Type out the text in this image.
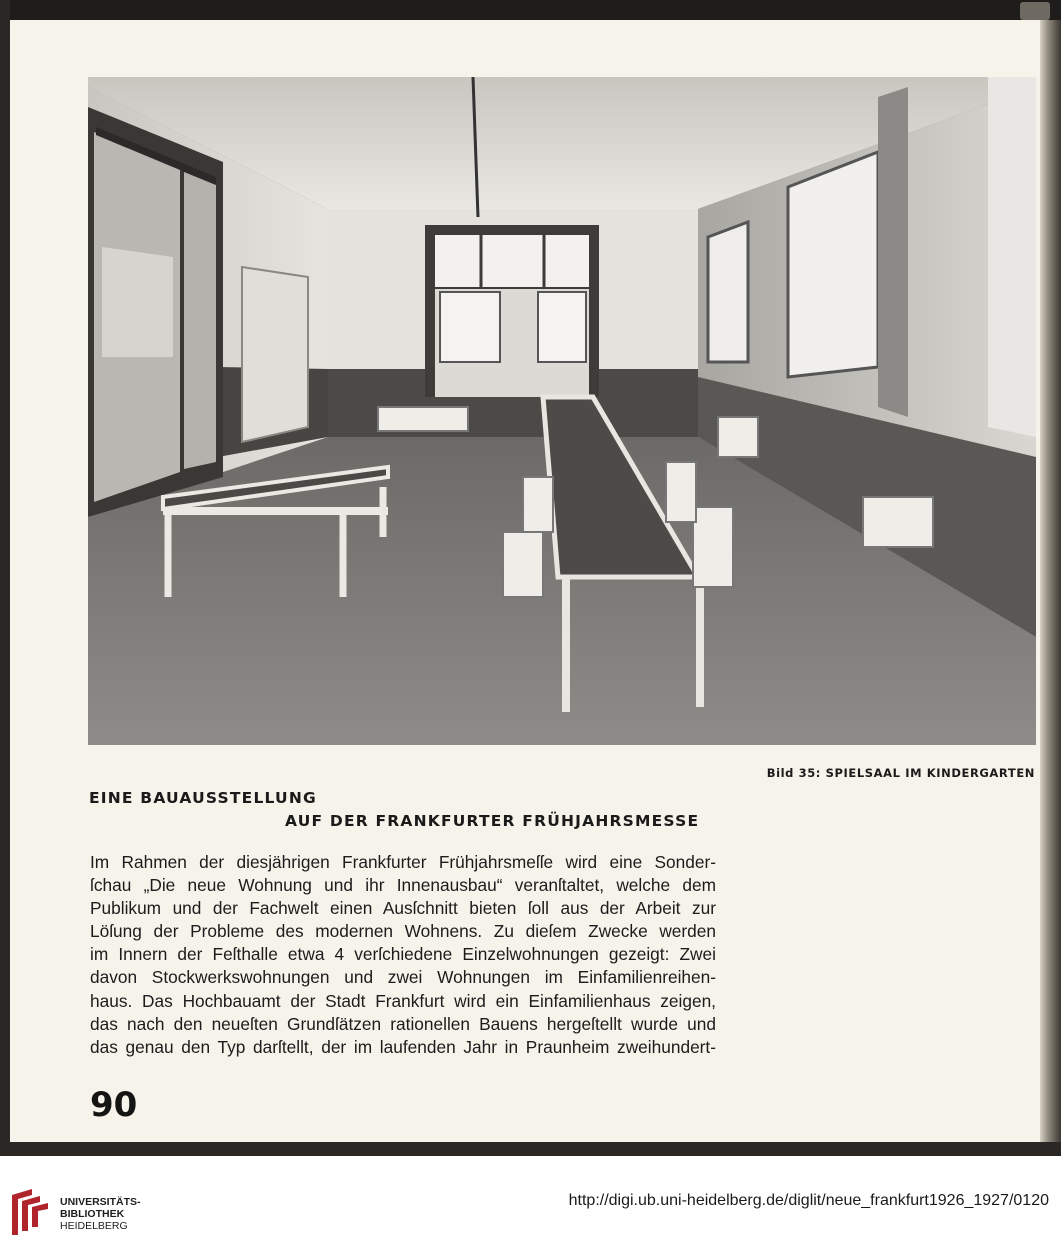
Bild 35: SPIELSAAL IM KINDERGARTEN
EINE BAUAUSSTELLUNG
AUF DER FRANKFURTER FRÜHJAHRSMESSE
Im Rahmen der diesjährigen Frankfurter Frühjahrsmeſſe wird eine Sonder-
ſchau „Die neue Wohnung und ihr Innenausbau“ veranſtaltet, welche dem
Publikum und der Fachwelt einen Ausſchnitt bieten ſoll aus der Arbeit zur
Löſung der Probleme des modernen Wohnens. Zu dieſem Zwecke werden
im Innern der Feſthalle etwa 4 verſchiedene Einzelwohnungen gezeigt: Zwei
davon Stockwerkswohnungen und zwei Wohnungen im Einfamilienreihen-
haus. Das Hochbauamt der Stadt Frankfurt wird ein Einfamilienhaus zeigen,
das nach den neueſten Grundſätzen rationellen Bauens hergeſtellt wurde und
das genau den Typ darſtellt, der im laufenden Jahr in Praunheim zweihundert-
90
UNIVERSITÄTS-
BIBLIOTHEK
HEIDELBERG
http://digi.ub.uni-heidelberg.de/diglit/neue_frankfurt1926_1927/0120
